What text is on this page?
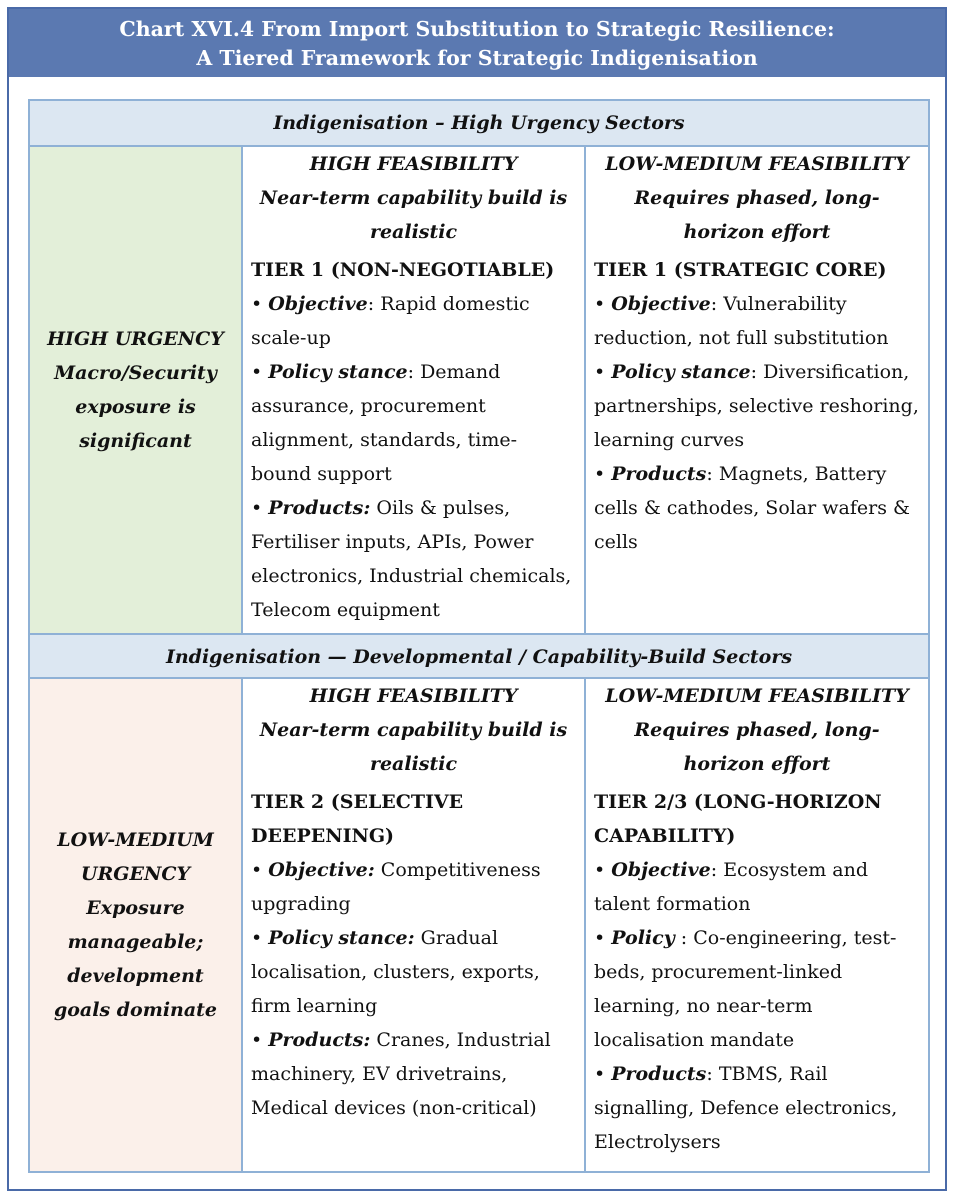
Chart XVI.4 From Import Substitution to Strategic Resilience:
A Tiered Framework for Strategic Indigenisation
Indigenisation – High Urgency Sectors
HIGH URGENCY
Macro/Security
exposure is
significant
HIGH FEASIBILITY
Near-term capability build is
realistic
TIER 1 (NON-NEGOTIABLE)
• Objective: Rapid domestic scale-up
• Policy stance: Demand assurance, procurement alignment, standards, time-bound support
• Products: Oils & pulses, Fertiliser inputs, APIs, Power electronics, Industrial chemicals, Telecom equipment
LOW-MEDIUM FEASIBILITY
Requires phased, long-
horizon effort
TIER 1 (STRATEGIC CORE)
• Objective: Vulnerability reduction, not full substitution
• Policy stance: Diversification, partnerships, selective reshoring, learning curves
• Products: Magnets, Battery cells & cathodes, Solar wafers & cells
Indigenisation — Developmental / Capability-Build Sectors
LOW-MEDIUM
URGENCY
Exposure
manageable;
development
goals dominate
HIGH FEASIBILITY
Near-term capability build is
realistic
TIER 2 (SELECTIVE DEEPENING)
• Objective: Competitiveness upgrading
• Policy stance: Gradual localisation, clusters, exports, firm learning
• Products: Cranes, Industrial machinery, EV drivetrains, Medical devices (non-critical)
LOW-MEDIUM FEASIBILITY
Requires phased, long-
horizon effort
TIER 2/3 (LONG-HORIZON CAPABILITY)
• Objective: Ecosystem and talent formation
• Policy : Co-engineering, test-beds, procurement-linked learning, no near-term localisation mandate
• Products: TBMS, Rail signalling, Defence electronics, Electrolysers
